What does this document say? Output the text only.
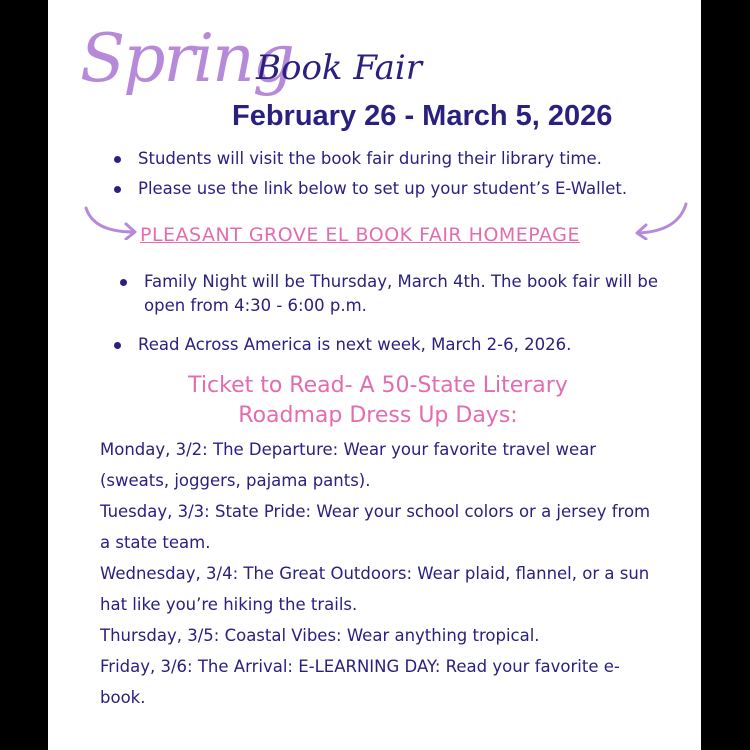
Spring
Book Fair
February 26 - March 5, 2026
Students will visit the book fair during their library time.
Please use the link below to set up your student’s E-Wallet.
PLEASANT GROVE EL BOOK FAIR HOMEPAGE
Family Night will be Thursday, March 4th. The book fair will be open from 4:30 - 6:00 p.m.
Read Across America is next week, March 2-6, 2026.
Ticket to Read- A 50-State Literary
Roadmap Dress Up Days:

Monday, 3/2: The Departure: Wear your favorite travel wear (sweats, joggers, pajama pants).

Tuesday, 3/3: State Pride: Wear your school colors or a jersey from a state team.

Wednesday, 3/4: The Great Outdoors: Wear plaid, flannel, or a sun hat like you’re hiking the trails.

Thursday, 3/5: Coastal Vibes: Wear anything tropical.

Friday, 3/6: The Arrival: E-LEARNING DAY: Read your favorite e-book.
